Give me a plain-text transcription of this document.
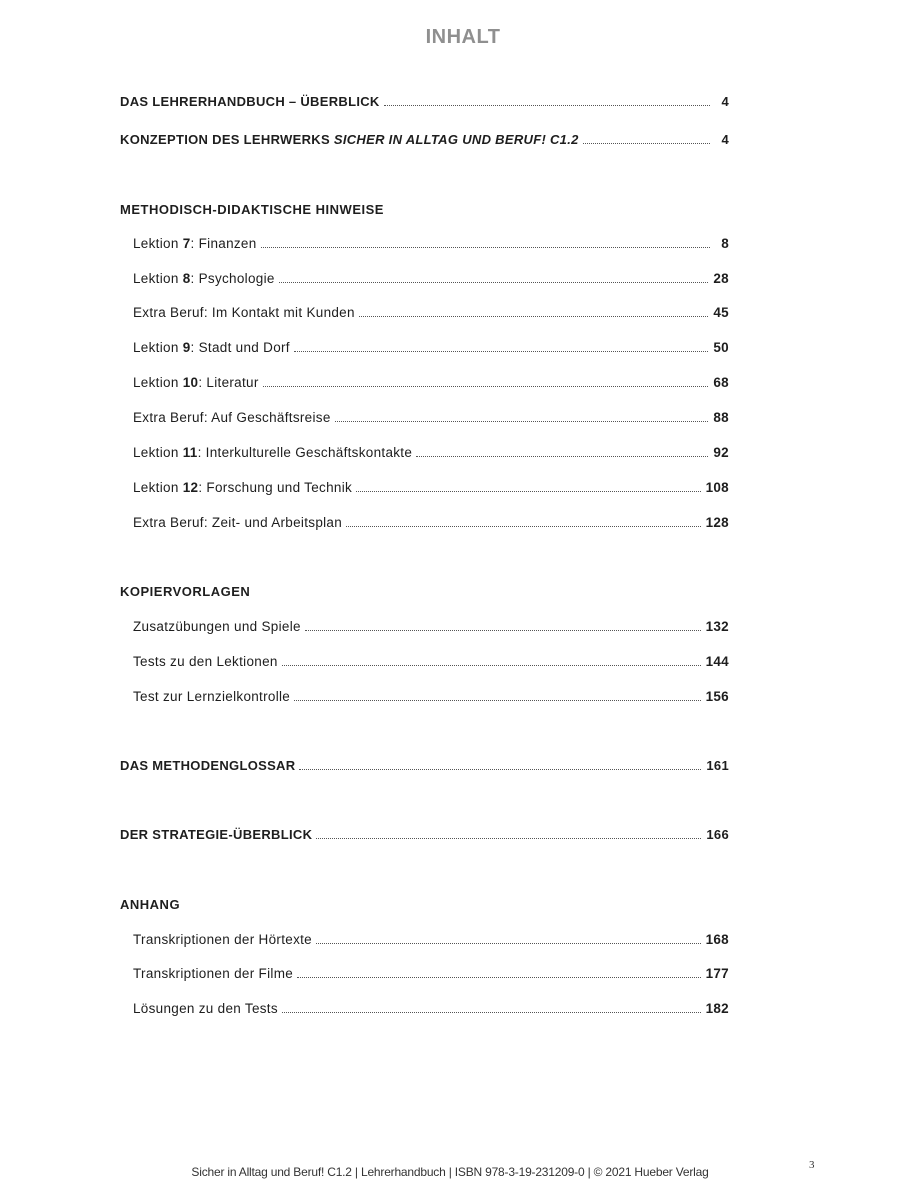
INHALT
DAS LEHRERHANDBUCH – ÜBERBLICK	4
KONZEPTION DES LEHRWERKS SICHER IN ALLTAG UND BERUF! C1.2	4
METHODISCH-DIDAKTISCHE HINWEISE
Lektion 7: Finanzen	8
Lektion 8: Psychologie	28
Extra Beruf: Im Kontakt mit Kunden	45
Lektion 9: Stadt und Dorf	50
Lektion 10: Literatur	68
Extra Beruf: Auf Geschäftsreise	88
Lektion 11: Interkulturelle Geschäftskontakte	92
Lektion 12: Forschung und Technik	108
Extra Beruf: Zeit- und Arbeitsplan	128
KOPIERVORLAGEN
Zusatzübungen und Spiele	132
Tests zu den Lektionen	144
Test zur Lernzielkontrolle	156
DAS METHODENGLOSSAR	161
DER STRATEGIE-ÜBERBLICK	166
ANHANG
Transkriptionen der Hörtexte	168
Transkriptionen der Filme	177
Lösungen zu den Tests	182
Sicher in Alltag und Beruf! C1.2 | Lehrerhandbuch | ISBN 978-3-19-231209-0 | © 2021 Hueber Verlag	3
